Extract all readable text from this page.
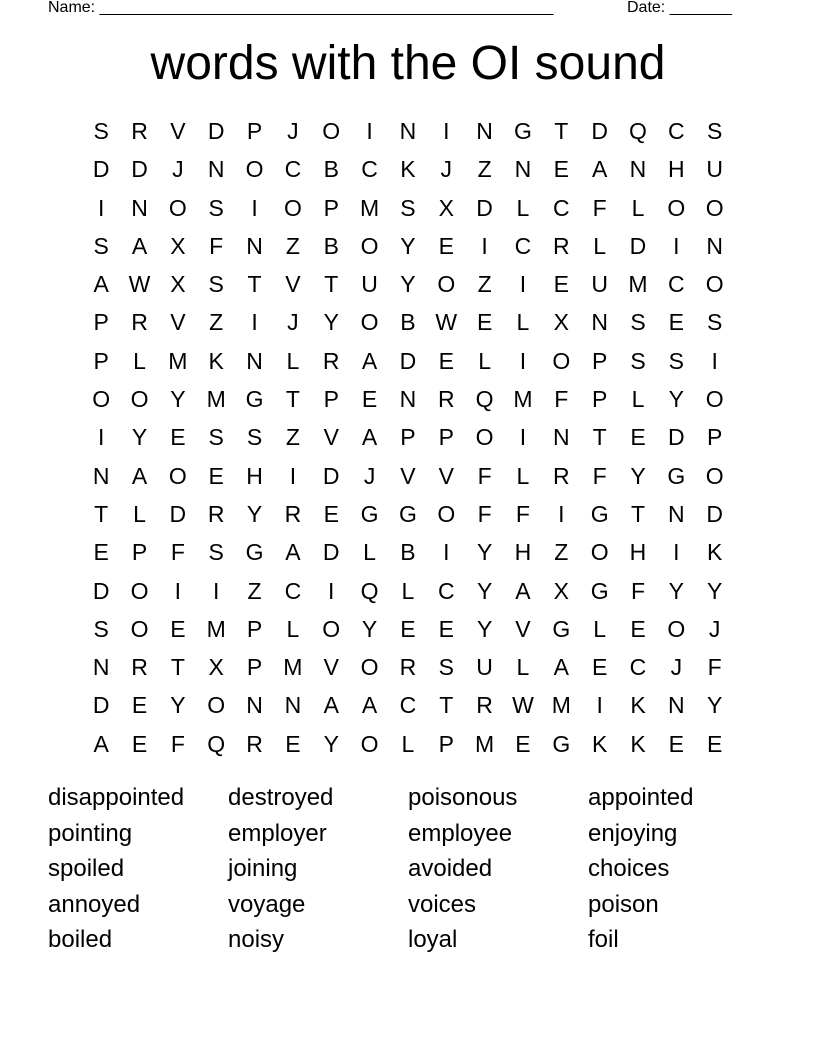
Name: ___________________________________________________	Date: _______
words with the OI sound
S R V D P	J	O	I	N	I	N G T	D Q C S
D D	J	N O C B C K	J	Z	N E	A N H U
I	N O S	I	O P M S	X D	L	C	F	L	O O
S	A	X	F	N	Z	B O Y	E	I	C R	L	D	I	N
A W X	S	T	V	T	U Y O Z	I	E U M C O
P R V	Z	I	J	Y O B W E	L	X N S	E	S
P	L M K N	L	R A D E	L	I	O P	S	S	I
O O Y M G T	P	E N R Q M F	P	L	Y O
I	Y	E	S	S	Z	V	A	P	P O	I	N	T	E D P
N A O E H	I	D	J	V	V	F	L	R	F	Y G O
T	L	D R Y R E G G O F	F	I	G T	N D
E	P	F	S G A D	L	B	I	Y H	Z O H	I	K
D O	I	I	Z	C	I	Q	L	C Y	A	X G F	Y	Y
S O E M P	L	O Y	E	E	Y	V G	L	E O	J
N R	T	X	P M V O R S U	L	A	E C	J	F
D E	Y O N N A	A C	T	R W M	I	K N Y
A	E	F Q R E	Y O	L	P M E G K	K	E	E
disappointed	destroyed	poisonous	appointed
pointing	employer	employee	enjoying
spoiled	joining	avoided	choices
annoyed	voyage	voices	poison
boiled	noisy	loyal	foil
